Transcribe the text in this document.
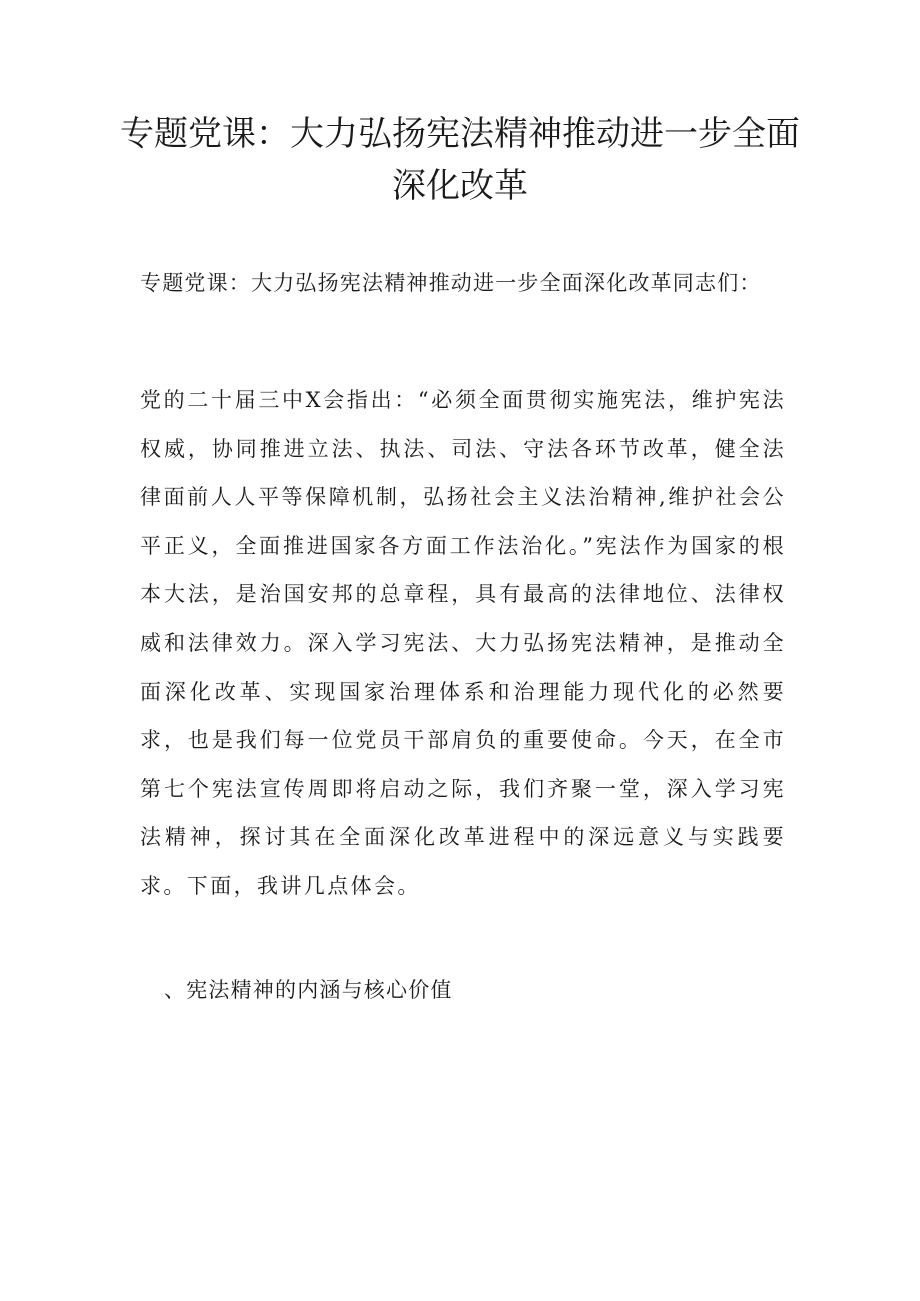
专题党课：大力弘扬宪法精神推动进一步全面深化改革

专题党课：大力弘扬宪法精神推动进一步全面深化改革同志们：

党的二十届三中X会指出：“必须全面贯彻实施宪法，维护宪法权威，协同推进立法、执法、司法、守法各环节改革，健全法律面前人人平等保障机制，弘扬社会主义法治精神,维护社会公平正义，全面推进国家各方面工作法治化。”宪法作为国家的根本大法，是治国安邦的总章程，具有最高的法律地位、法律权威和法律效力。深入学习宪法、大力弘扬宪法精神，是推动全面深化改革、实现国家治理体系和治理能力现代化的必然要求，也是我们每一位党员干部肩负的重要使命。今天，在全市第七个宪法宣传周即将启动之际，我们齐聚一堂，深入学习宪法精神，探讨其在全面深化改革进程中的深远意义与实践要求。下面，我讲几点体会。

、宪法精神的内涵与核心价值
